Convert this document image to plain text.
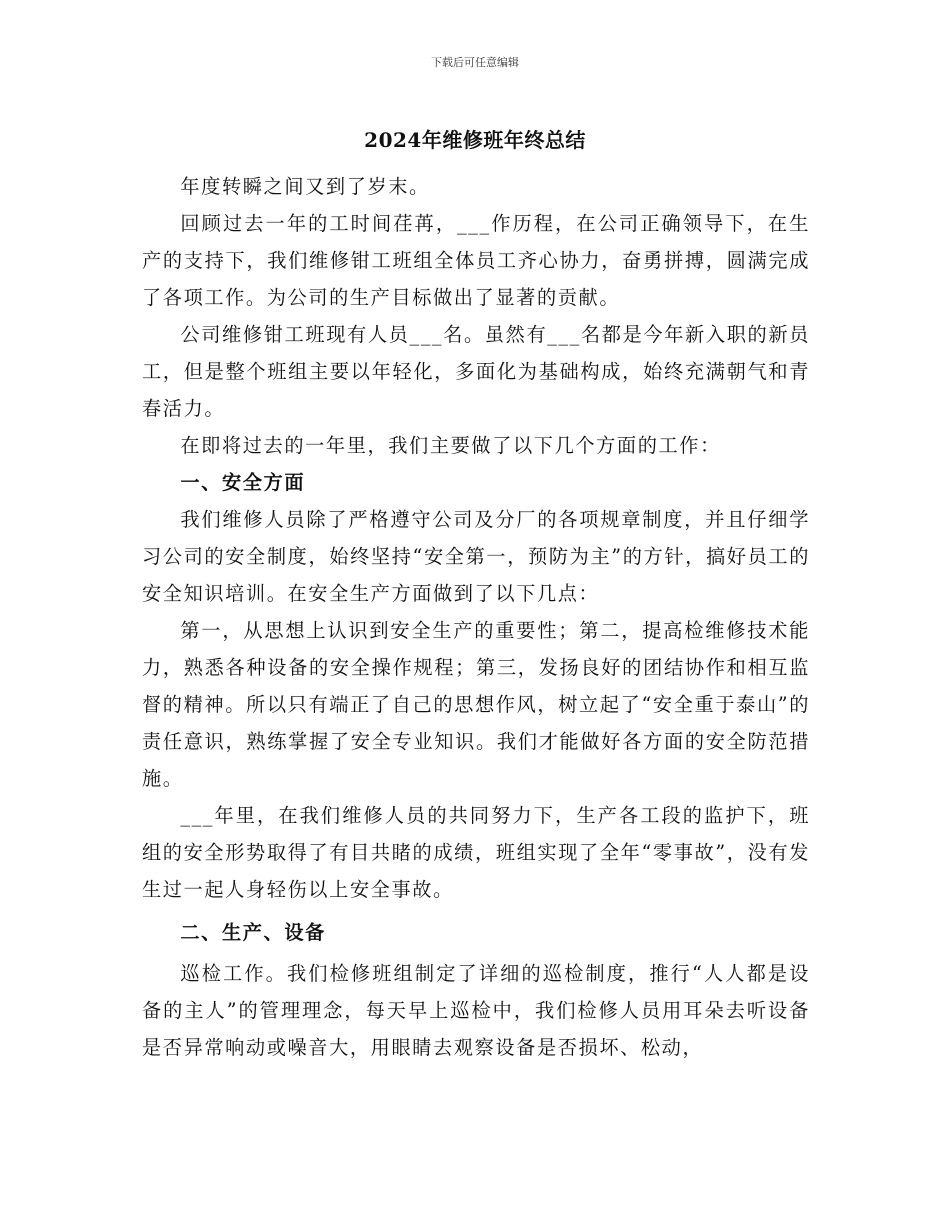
下载后可任意编辑
2024年维修班年终总结

年度转瞬之间又到了岁末。

回顾过去一年的工时间荏苒，___作历程，在公司正确领导下，在生产的支持下，我们维修钳工班组全体员工齐心协力，奋勇拼搏，圆满完成了各项工作。为公司的生产目标做出了显著的贡献。

公司维修钳工班现有人员___名。虽然有___名都是今年新入职的新员工，但是整个班组主要以年轻化，多面化为基础构成，始终充满朝气和青春活力。

在即将过去的一年里，我们主要做了以下几个方面的工作：

一、安全方面

我们维修人员除了严格遵守公司及分厂的各项规章制度，并且仔细学习公司的安全制度，始终坚持“安全第一，预防为主”的方针，搞好员工的安全知识培训。在安全生产方面做到了以下几点：

第一，从思想上认识到安全生产的重要性；第二，提高检维修技术能力，熟悉各种设备的安全操作规程；第三，发扬良好的团结协作和相互监督的精神。所以只有端正了自己的思想作风，树立起了“安全重于泰山”的责任意识，熟练掌握了安全专业知识。我们才能做好各方面的安全防范措施。

___年里，在我们维修人员的共同努力下，生产各工段的监护下，班组的安全形势取得了有目共睹的成绩，班组实现了全年“零事故”，没有发生过一起人身轻伤以上安全事故。

二、生产、设备

巡检工作。我们检修班组制定了详细的巡检制度，推行“人人都是设备的主人”的管理理念，每天早上巡检中，我们检修人员用耳朵去听设备是否异常响动或噪音大，用眼睛去观察设备是否损坏、松动，
